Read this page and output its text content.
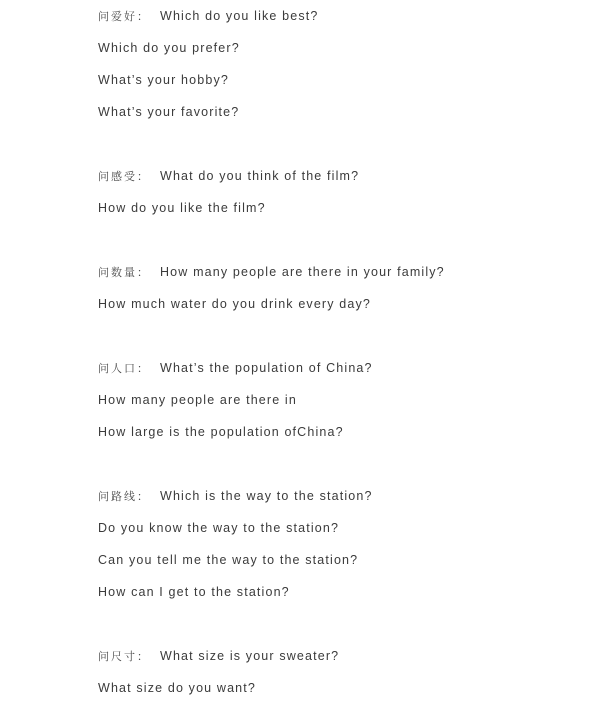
问爱好： Which do you like best?
Which do you prefer?
What’s your hobby?
What’s your favorite?
问感受： What do you think of the film?
How do you like the film?
问数量： How many people are there in your family?
How much water do you drink every day?
问人口： What’s the population of China?
How many people are there in
How large is the population ofChina?
问路线： Which is the way to the station?
Do you know the way to the station?
Can you tell me the way to the station?
How can I get to the station?
问尺寸： What size is your sweater?
What size do you want?
